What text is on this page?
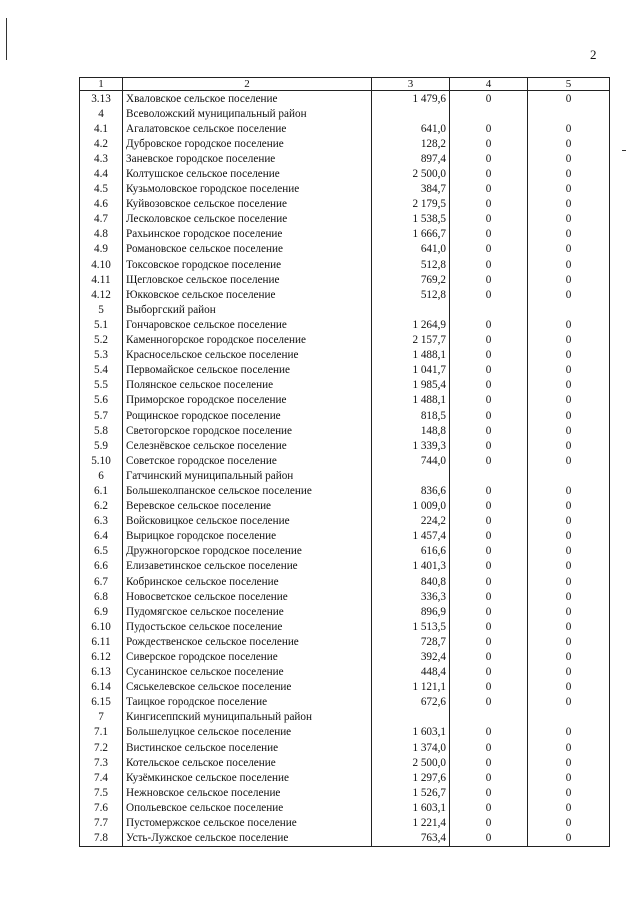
2
1	2	3	4	5
3.13	Хваловское сельское поселение	1 479,6	0	0
4	Всеволожский муниципальный район			
4.1	Агалатовское сельское поселение	641,0	0	0
4.2	Дубровское городское поселение	128,2	0	0
4.3	Заневское городское поселение	897,4	0	0
4.4	Колтушское сельское поселение	2 500,0	0	0
4.5	Кузьмоловское городское поселение	384,7	0	0
4.6	Куйвозовское сельское поселение	2 179,5	0	0
4.7	Лесколовское сельское поселение	1 538,5	0	0
4.8	Рахьинское городское поселение	1 666,7	0	0
4.9	Романовское сельское поселение	641,0	0	0
4.10	Токсовское городское поселение	512,8	0	0
4.11	Щегловское сельское поселение	769,2	0	0
4.12	Юкковское сельское поселение	512,8	0	0
5	Выборгский район			
5.1	Гончаровское сельское поселение	1 264,9	0	0
5.2	Каменногорское городское поселение	2 157,7	0	0
5.3	Красносельское сельское поселение	1 488,1	0	0
5.4	Первомайское сельское поселение	1 041,7	0	0
5.5	Полянское сельское поселение	1 985,4	0	0
5.6	Приморское городское поселение	1 488,1	0	0
5.7	Рощинское городское поселение	818,5	0	0
5.8	Светогорское городское поселение	148,8	0	0
5.9	Селезнёвское сельское поселение	1 339,3	0	0
5.10	Советское городское поселение	744,0	0	0
6	Гатчинский муниципальный район			
6.1	Большеколпанское сельское поселение	836,6	0	0
6.2	Веревское сельское поселение	1 009,0	0	0
6.3	Войсковицкое сельское поселение	224,2	0	0
6.4	Вырицкое городское поселение	1 457,4	0	0
6.5	Дружногорское городское поселение	616,6	0	0
6.6	Елизаветинское сельское поселение	1 401,3	0	0
6.7	Кобринское сельское поселение	840,8	0	0
6.8	Новосветское сельское поселение	336,3	0	0
6.9	Пудомягское сельское поселение	896,9	0	0
6.10	Пудостьское сельское поселение	1 513,5	0	0
6.11	Рождественское сельское поселение	728,7	0	0
6.12	Сиверское городское поселение	392,4	0	0
6.13	Сусанинское сельское поселение	448,4	0	0
6.14	Сяськелевское сельское поселение	1 121,1	0	0
6.15	Таицкое городское поселение	672,6	0	0
7	Кингисеппский муниципальный район			
7.1	Большелуцкое сельское поселение	1 603,1	0	0
7.2	Вистинское сельское поселение	1 374,0	0	0
7.3	Котельское сельское поселение	2 500,0	0	0
7.4	Кузёмкинское сельское поселение	1 297,6	0	0
7.5	Нежновское сельское поселение	1 526,7	0	0
7.6	Опольевское сельское поселение	1 603,1	0	0
7.7	Пустомержское сельское поселение	1 221,4	0	0
7.8	Усть-Лужское сельское поселение	763,4	0	0
